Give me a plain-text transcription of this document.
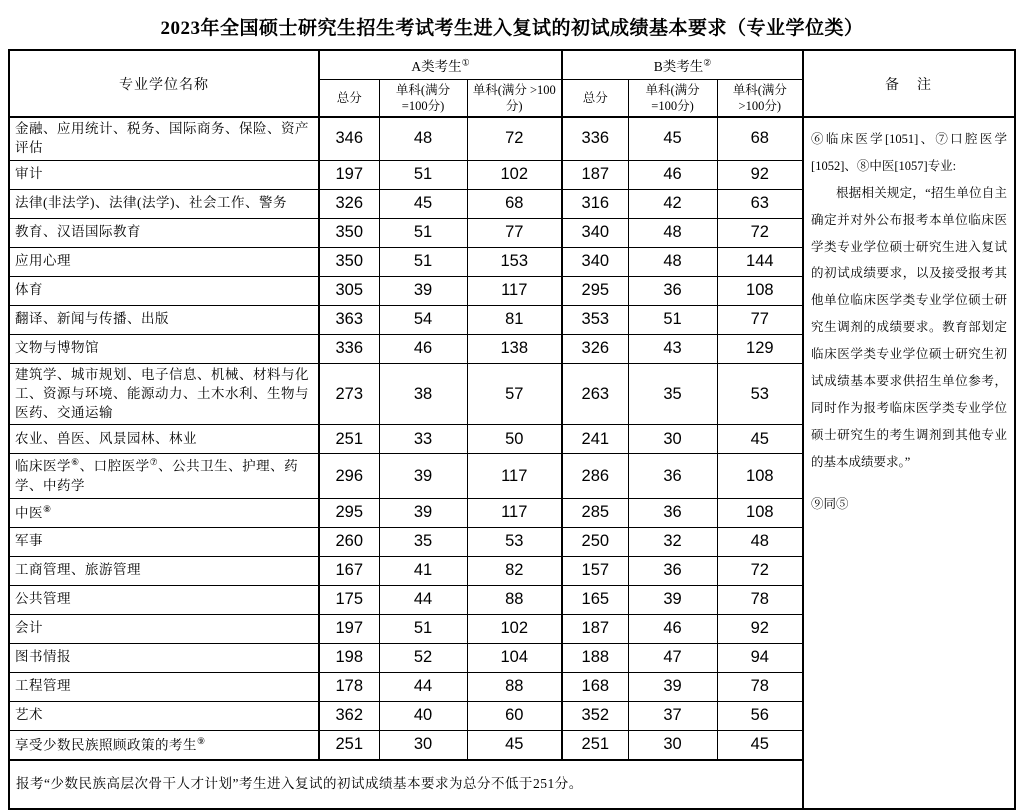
2023年全国硕士研究生招生考试考生进入复试的初试成绩基本要求（专业学位类）
专业学位名称	A类考生①			B类考生②			备　注
	总分	单科(满分 =100分)	单科(满分 >100分)	总分	单科(满分 =100分)	单科(满分 >100分)	
金融、应用统计、税务、国际商务、保险、资产评估	346	48	72	336	45	68	⑥临床医学[1051]、⑦口腔医学[1052]、⑧中医[1057]专业:

根据相关规定，“招生单位自主确定并对外公布报考本单位临床医学类专业学位硕士研究生进入复试的初试成绩要求，以及接受报考其他单位临床医学类专业学位硕士研究生调剂的成绩要求。教育部划定临床医学类专业学位硕士研究生初试成绩基本要求供招生单位参考，同时作为报考临床医学类专业学位硕士研究生的考生调剂到其他专业的基本成绩要求。”

⑨同⑤

审计	197	51	102	187	46	92	
法律(非法学)、法律(法学)、社会工作、警务	326	45	68	316	42	63	
教育、汉语国际教育	350	51	77	340	48	72	
应用心理	350	51	153	340	48	144	
体育	305	39	117	295	36	108	
翻译、新闻与传播、出版	363	54	81	353	51	77	
文物与博物馆	336	46	138	326	43	129	
建筑学、城市规划、电子信息、机械、材料与化工、资源与环境、能源动力、土木水利、生物与医药、交通运输	273	38	57	263	35	53	
农业、兽医、风景园林、林业	251	33	50	241	30	45	
临床医学⑥、口腔医学⑦、公共卫生、护理、药学、中药学	296	39	117	286	36	108	
中医⑧	295	39	117	285	36	108	
军事	260	35	53	250	32	48	
工商管理、旅游管理	167	41	82	157	36	72	
公共管理	175	44	88	165	39	78	
会计	197	51	102	187	46	92	
图书情报	198	52	104	188	47	94	
工程管理	178	44	88	168	39	78	
艺术	362	40	60	352	37	56	
享受少数民族照顾政策的考生⑨	251	30	45	251	30	45	
报考“少数民族高层次骨干人才计划”考生进入复试的初试成绩基本要求为总分不低于251分。							
